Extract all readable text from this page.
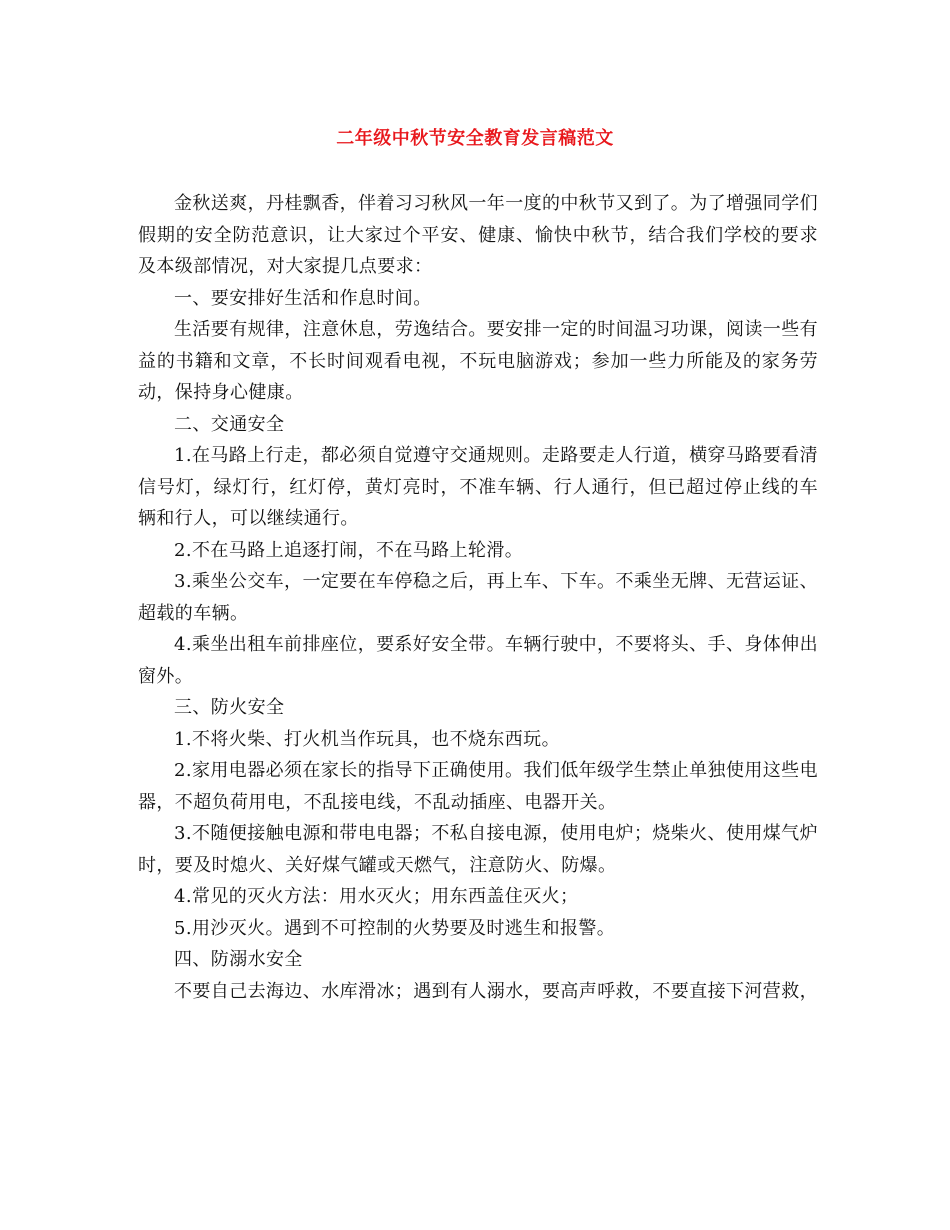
二年级中秋节安全教育发言稿范文

金秋送爽，丹桂飘香，伴着习习秋风一年一度的中秋节又到了。为了增强同学们假期的安全防范意识，让大家过个平安、健康、愉快中秋节，结合我们学校的要求及本级部情况，对大家提几点要求：

一、要安排好生活和作息时间。

生活要有规律，注意休息，劳逸结合。要安排一定的时间温习功课，阅读一些有益的书籍和文章，不长时间观看电视，不玩电脑游戏；参加一些力所能及的家务劳动，保持身心健康。

二、交通安全

1.在马路上行走，都必须自觉遵守交通规则。走路要走人行道，横穿马路要看清信号灯，绿灯行，红灯停，黄灯亮时，不准车辆、行人通行，但已超过停止线的车辆和行人，可以继续通行。

2.不在马路上追逐打闹，不在马路上轮滑。

3.乘坐公交车，一定要在车停稳之后，再上车、下车。不乘坐无牌、无营运证、超载的车辆。

4.乘坐出租车前排座位，要系好安全带。车辆行驶中，不要将头、手、身体伸出窗外。

三、防火安全

1.不将火柴、打火机当作玩具，也不烧东西玩。

2.家用电器必须在家长的指导下正确使用。我们低年级学生禁止单独使用这些电器，不超负荷用电，不乱接电线，不乱动插座、电器开关。

3.不随便接触电源和带电电器；不私自接电源，使用电炉；烧柴火、使用煤气炉时，要及时熄火、关好煤气罐或天燃气，注意防火、防爆。

4.常见的灭火方法：用水灭火；用东西盖住灭火；

5.用沙灭火。遇到不可控制的火势要及时逃生和报警。

四、防溺水安全

不要自己去海边、水库滑冰；遇到有人溺水，要高声呼救，不要直接下河营救，
